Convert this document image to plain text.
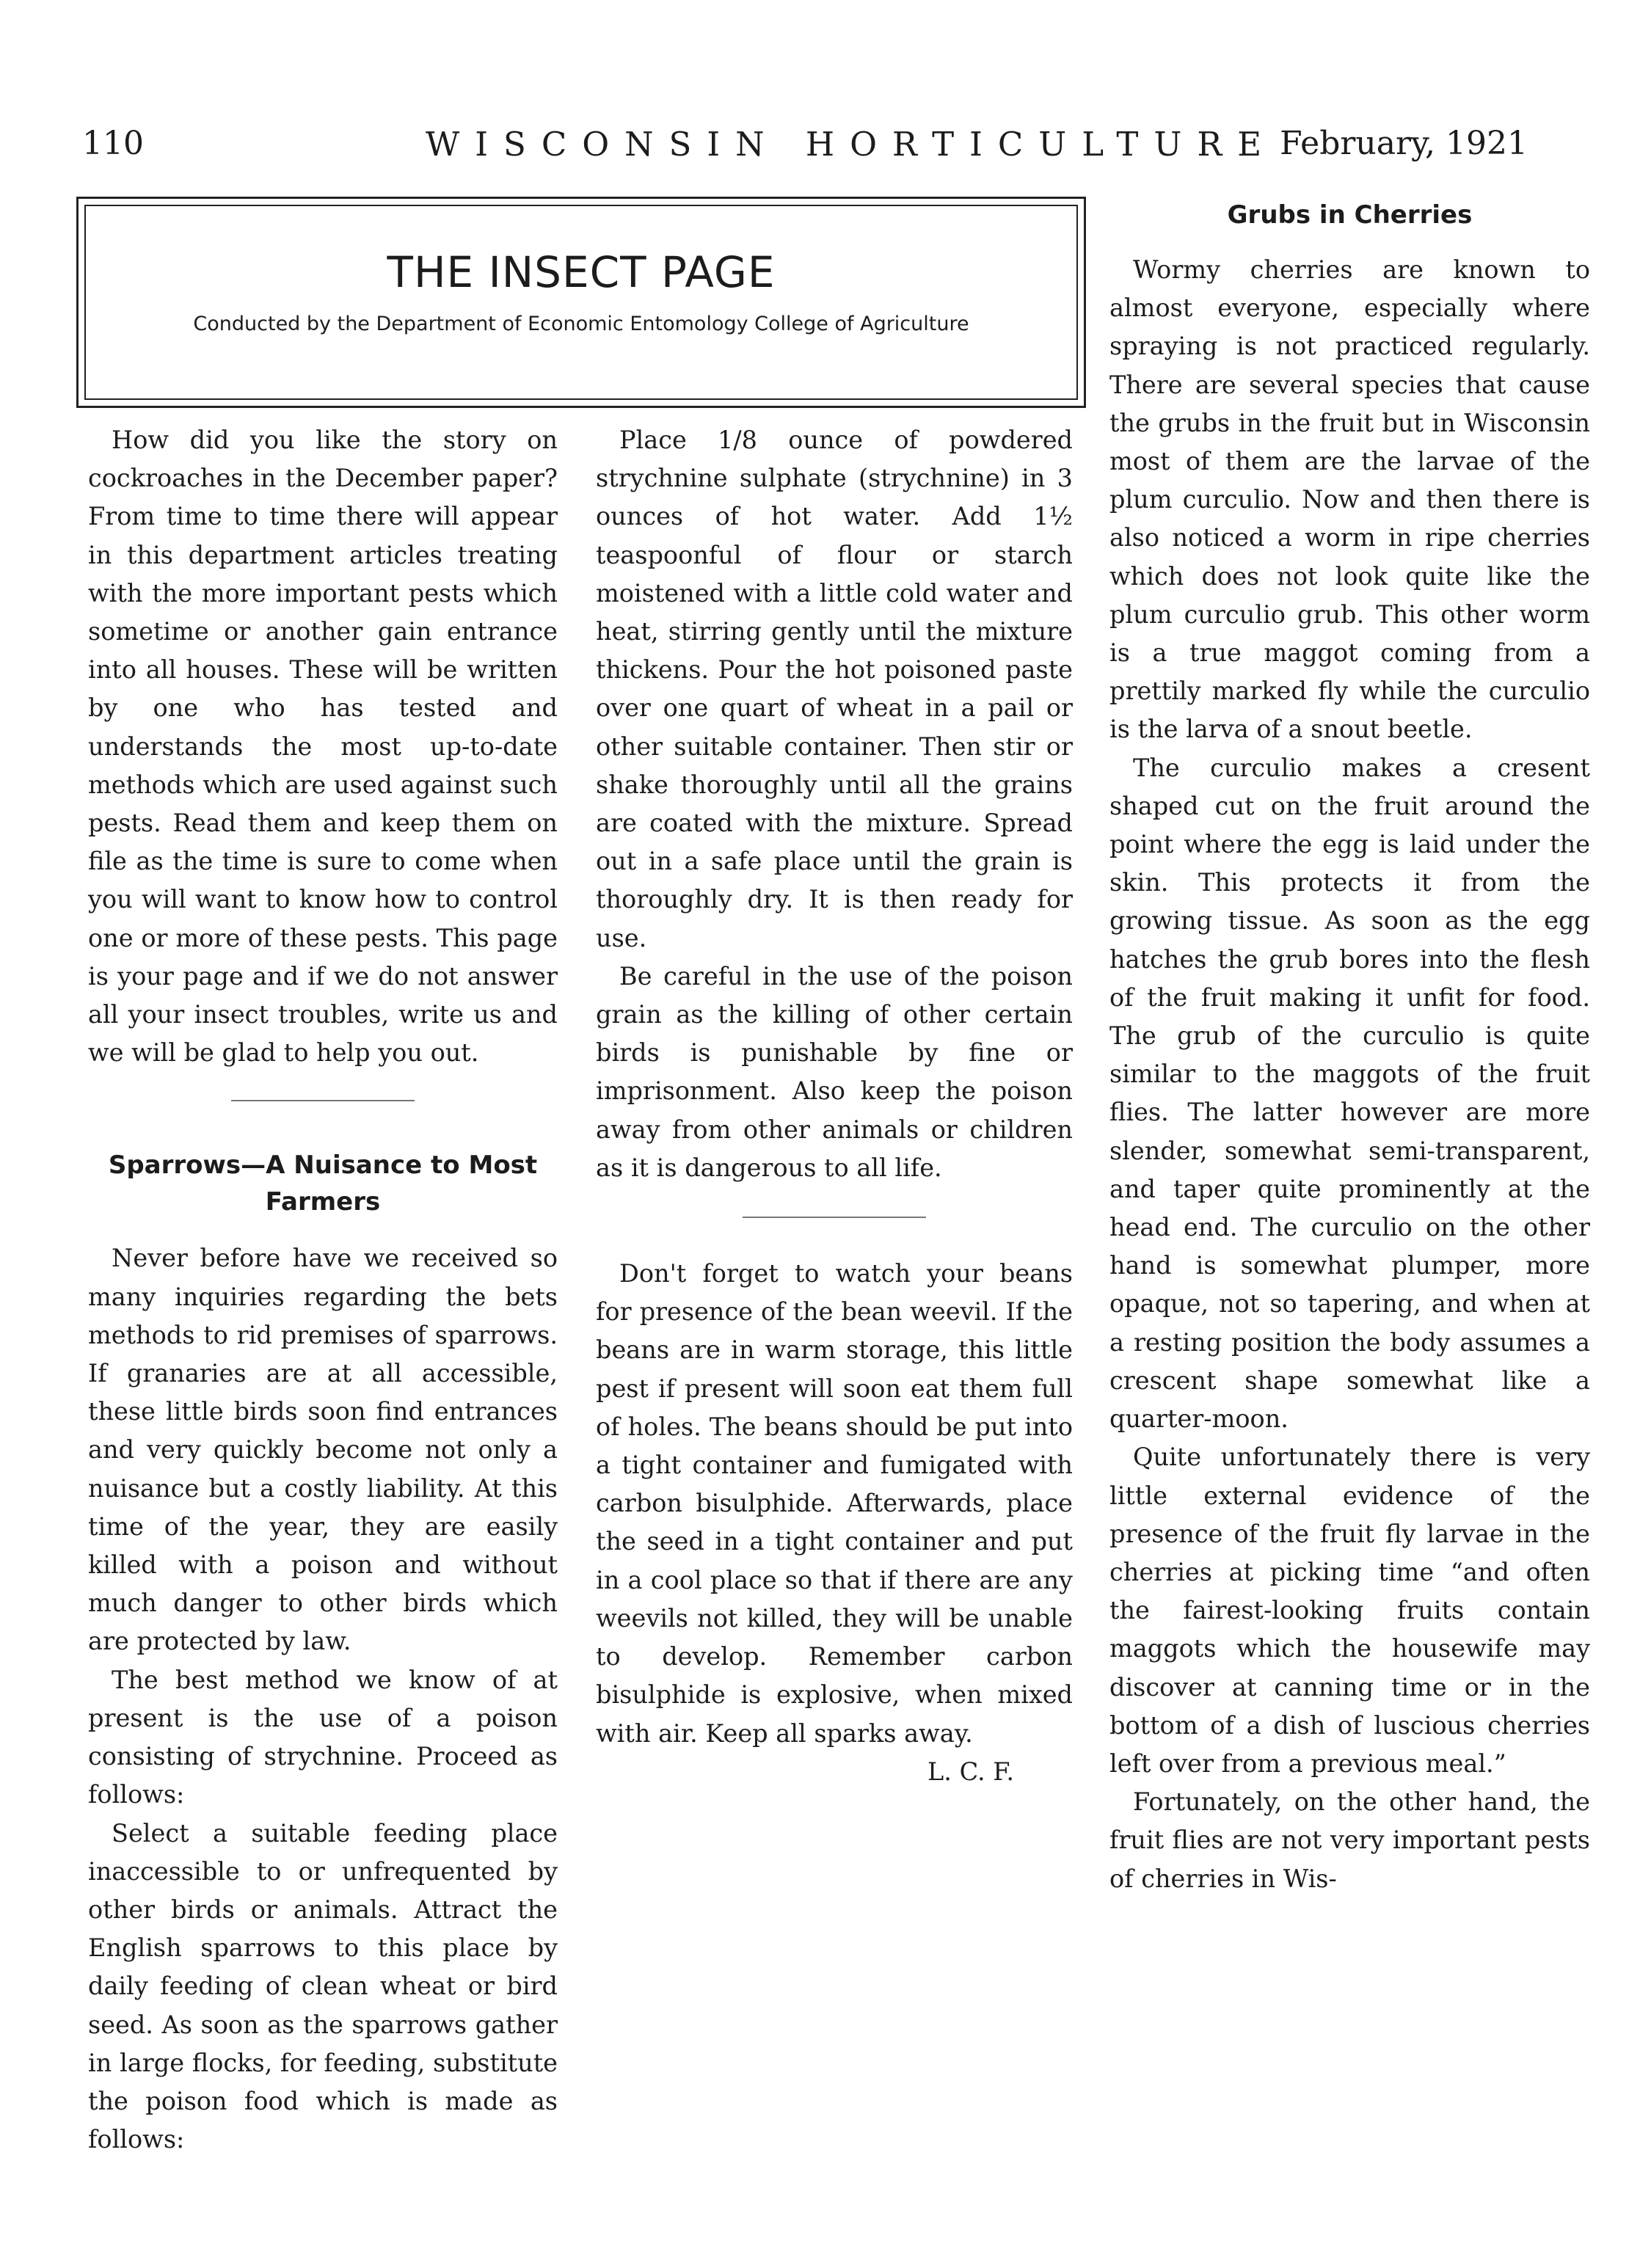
110	WISCONSIN HORTICULTURE February, 1921
THE INSECT PAGE
Conducted by the Department of Economic Entomology College of Agriculture

How did you like the story on cockroaches in the December paper? From time to time there will appear in this department articles treating with the more important pests which sometime or another gain entrance into all houses. These will be written by one who has tested and understands the most up-to-date methods which are used against such pests. Read them and keep them on file as the time is sure to come when you will want to know how to control one or more of these pests. This page is your page and if we do not answer all your insect troubles, write us and we will be glad to help you out.

Sparrows—A Nuisance to Most Farmers

Never before have we received so many inquiries regarding the bets methods to rid premises of sparrows. If granaries are at all accessible, these little birds soon find entrances and very quickly become not only a nuisance but a costly liability. At this time of the year, they are easily killed with a poison and without much danger to other birds which are protected by law.

The best method we know of at present is the use of a poison consisting of strychnine. Proceed as follows:

Select a suitable feeding place inaccessible to or unfrequented by other birds or animals. Attract the English sparrows to this place by daily feeding of clean wheat or bird seed. As soon as the sparrows gather in large flocks, for feeding, substitute the poison food which is made as follows:

Place 1/8 ounce of powdered strychnine sulphate (strychnine) in 3 ounces of hot water. Add 1½ teaspoonful of flour or starch moistened with a little cold water and heat, stirring gently until the mixture thickens. Pour the hot poisoned paste over one quart of wheat in a pail or other suitable container. Then stir or shake thoroughly until all the grains are coated with the mixture. Spread out in a safe place until the grain is thoroughly dry. It is then ready for use.

Be careful in the use of the poison grain as the killing of other certain birds is punishable by fine or imprisonment. Also keep the poison away from other animals or children as it is dangerous to all life.

Don't forget to watch your beans for presence of the bean weevil. If the beans are in warm storage, this little pest if present will soon eat them full of holes. The beans should be put into a tight container and fumigated with carbon bisulphide. Afterwards, place the seed in a tight container and put in a cool place so that if there are any weevils not killed, they will be unable to develop. Remember carbon bisulphide is explosive, when mixed with air. Keep all sparks away.

L. C. F.

Grubs in Cherries

Wormy cherries are known to almost everyone, especially where spraying is not practiced regularly. There are several species that cause the grubs in the fruit but in Wisconsin most of them are the larvae of the plum curculio. Now and then there is also noticed a worm in ripe cherries which does not look quite like the plum curculio grub. This other worm is a true maggot coming from a prettily marked fly while the curculio is the larva of a snout beetle.

The curculio makes a cresent shaped cut on the fruit around the point where the egg is laid under the skin. This protects it from the growing tissue. As soon as the egg hatches the grub bores into the flesh of the fruit making it unfit for food. The grub of the curculio is quite similar to the maggots of the fruit flies. The latter however are more slender, somewhat semi-transparent, and taper quite prominently at the head end. The curculio on the other hand is somewhat plumper, more opaque, not so tapering, and when at a resting position the body assumes a crescent shape somewhat like a quarter-moon.

Quite unfortunately there is very little external evidence of the presence of the fruit fly larvae in the cherries at picking time “and often the fairest-looking fruits contain maggots which the housewife may discover at canning time or in the bottom of a dish of luscious cherries left over from a previous meal.”

Fortunately, on the other hand, the fruit flies are not very important pests of cherries in Wis-
